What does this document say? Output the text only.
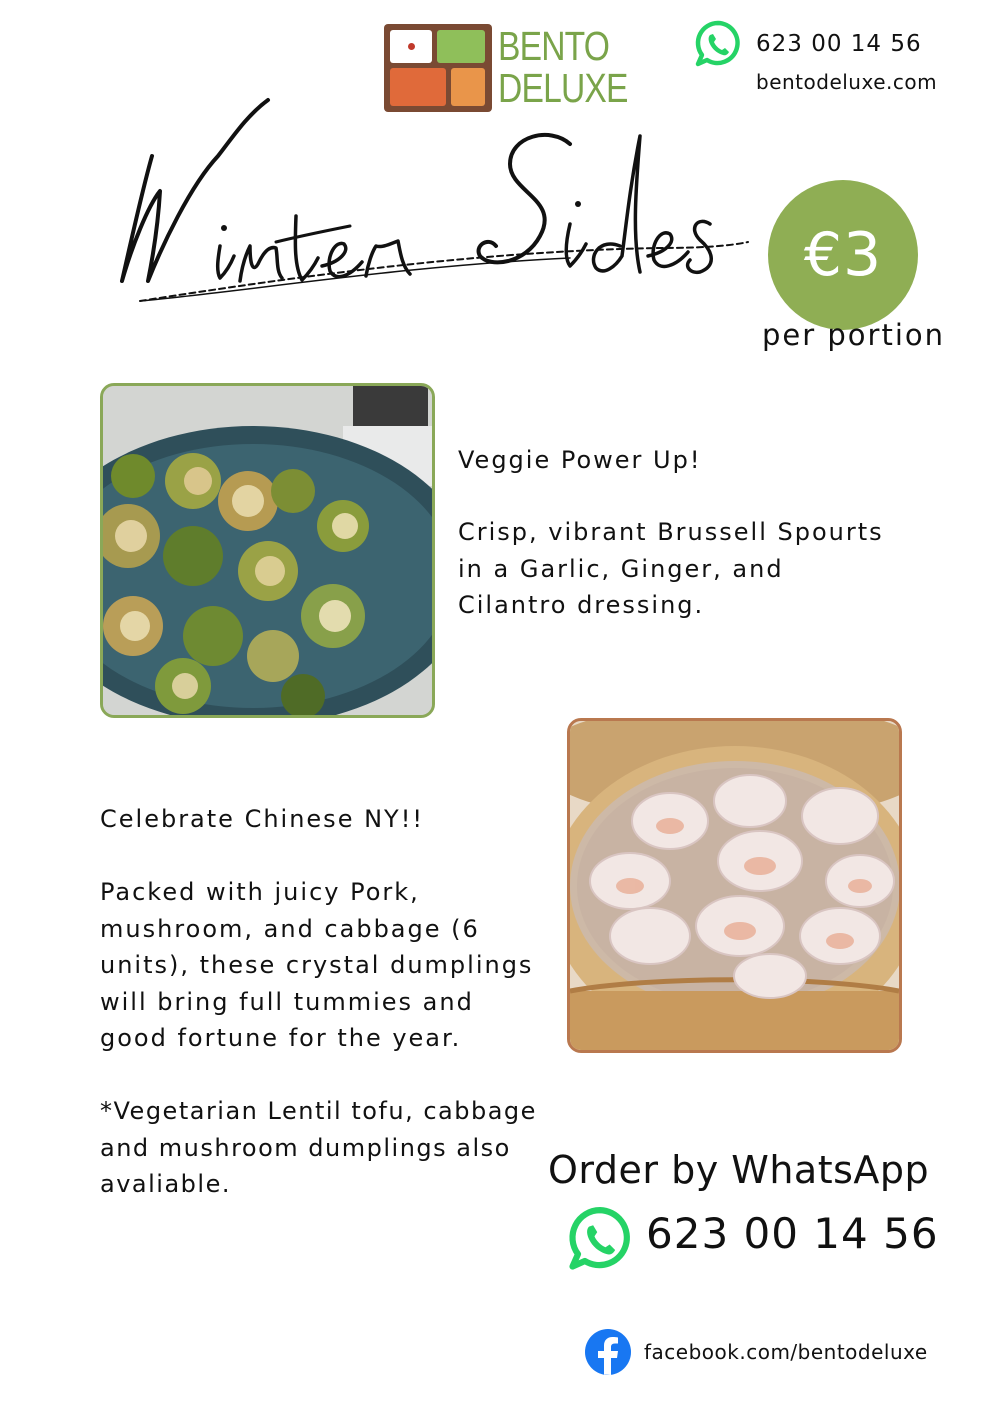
BENTO
DELUXE
623 00 14 56
bentodeluxe.com
€3
per portion

Veggie Power Up!

Crisp, vibrant Brussell Spourts

in a Garlic, Ginger, and

Cilantro dressing.

Celebrate Chinese NY!!

Packed with juicy Pork,

mushroom, and cabbage (6

units), these crystal dumplings

will bring full tummies and

good fortune for the year.

*Vegetarian Lentil tofu, cabbage

and mushroom dumplings also

avaliable.	Order by WhatsApp
623 00 14 56
facebook.com/bentodeluxe
